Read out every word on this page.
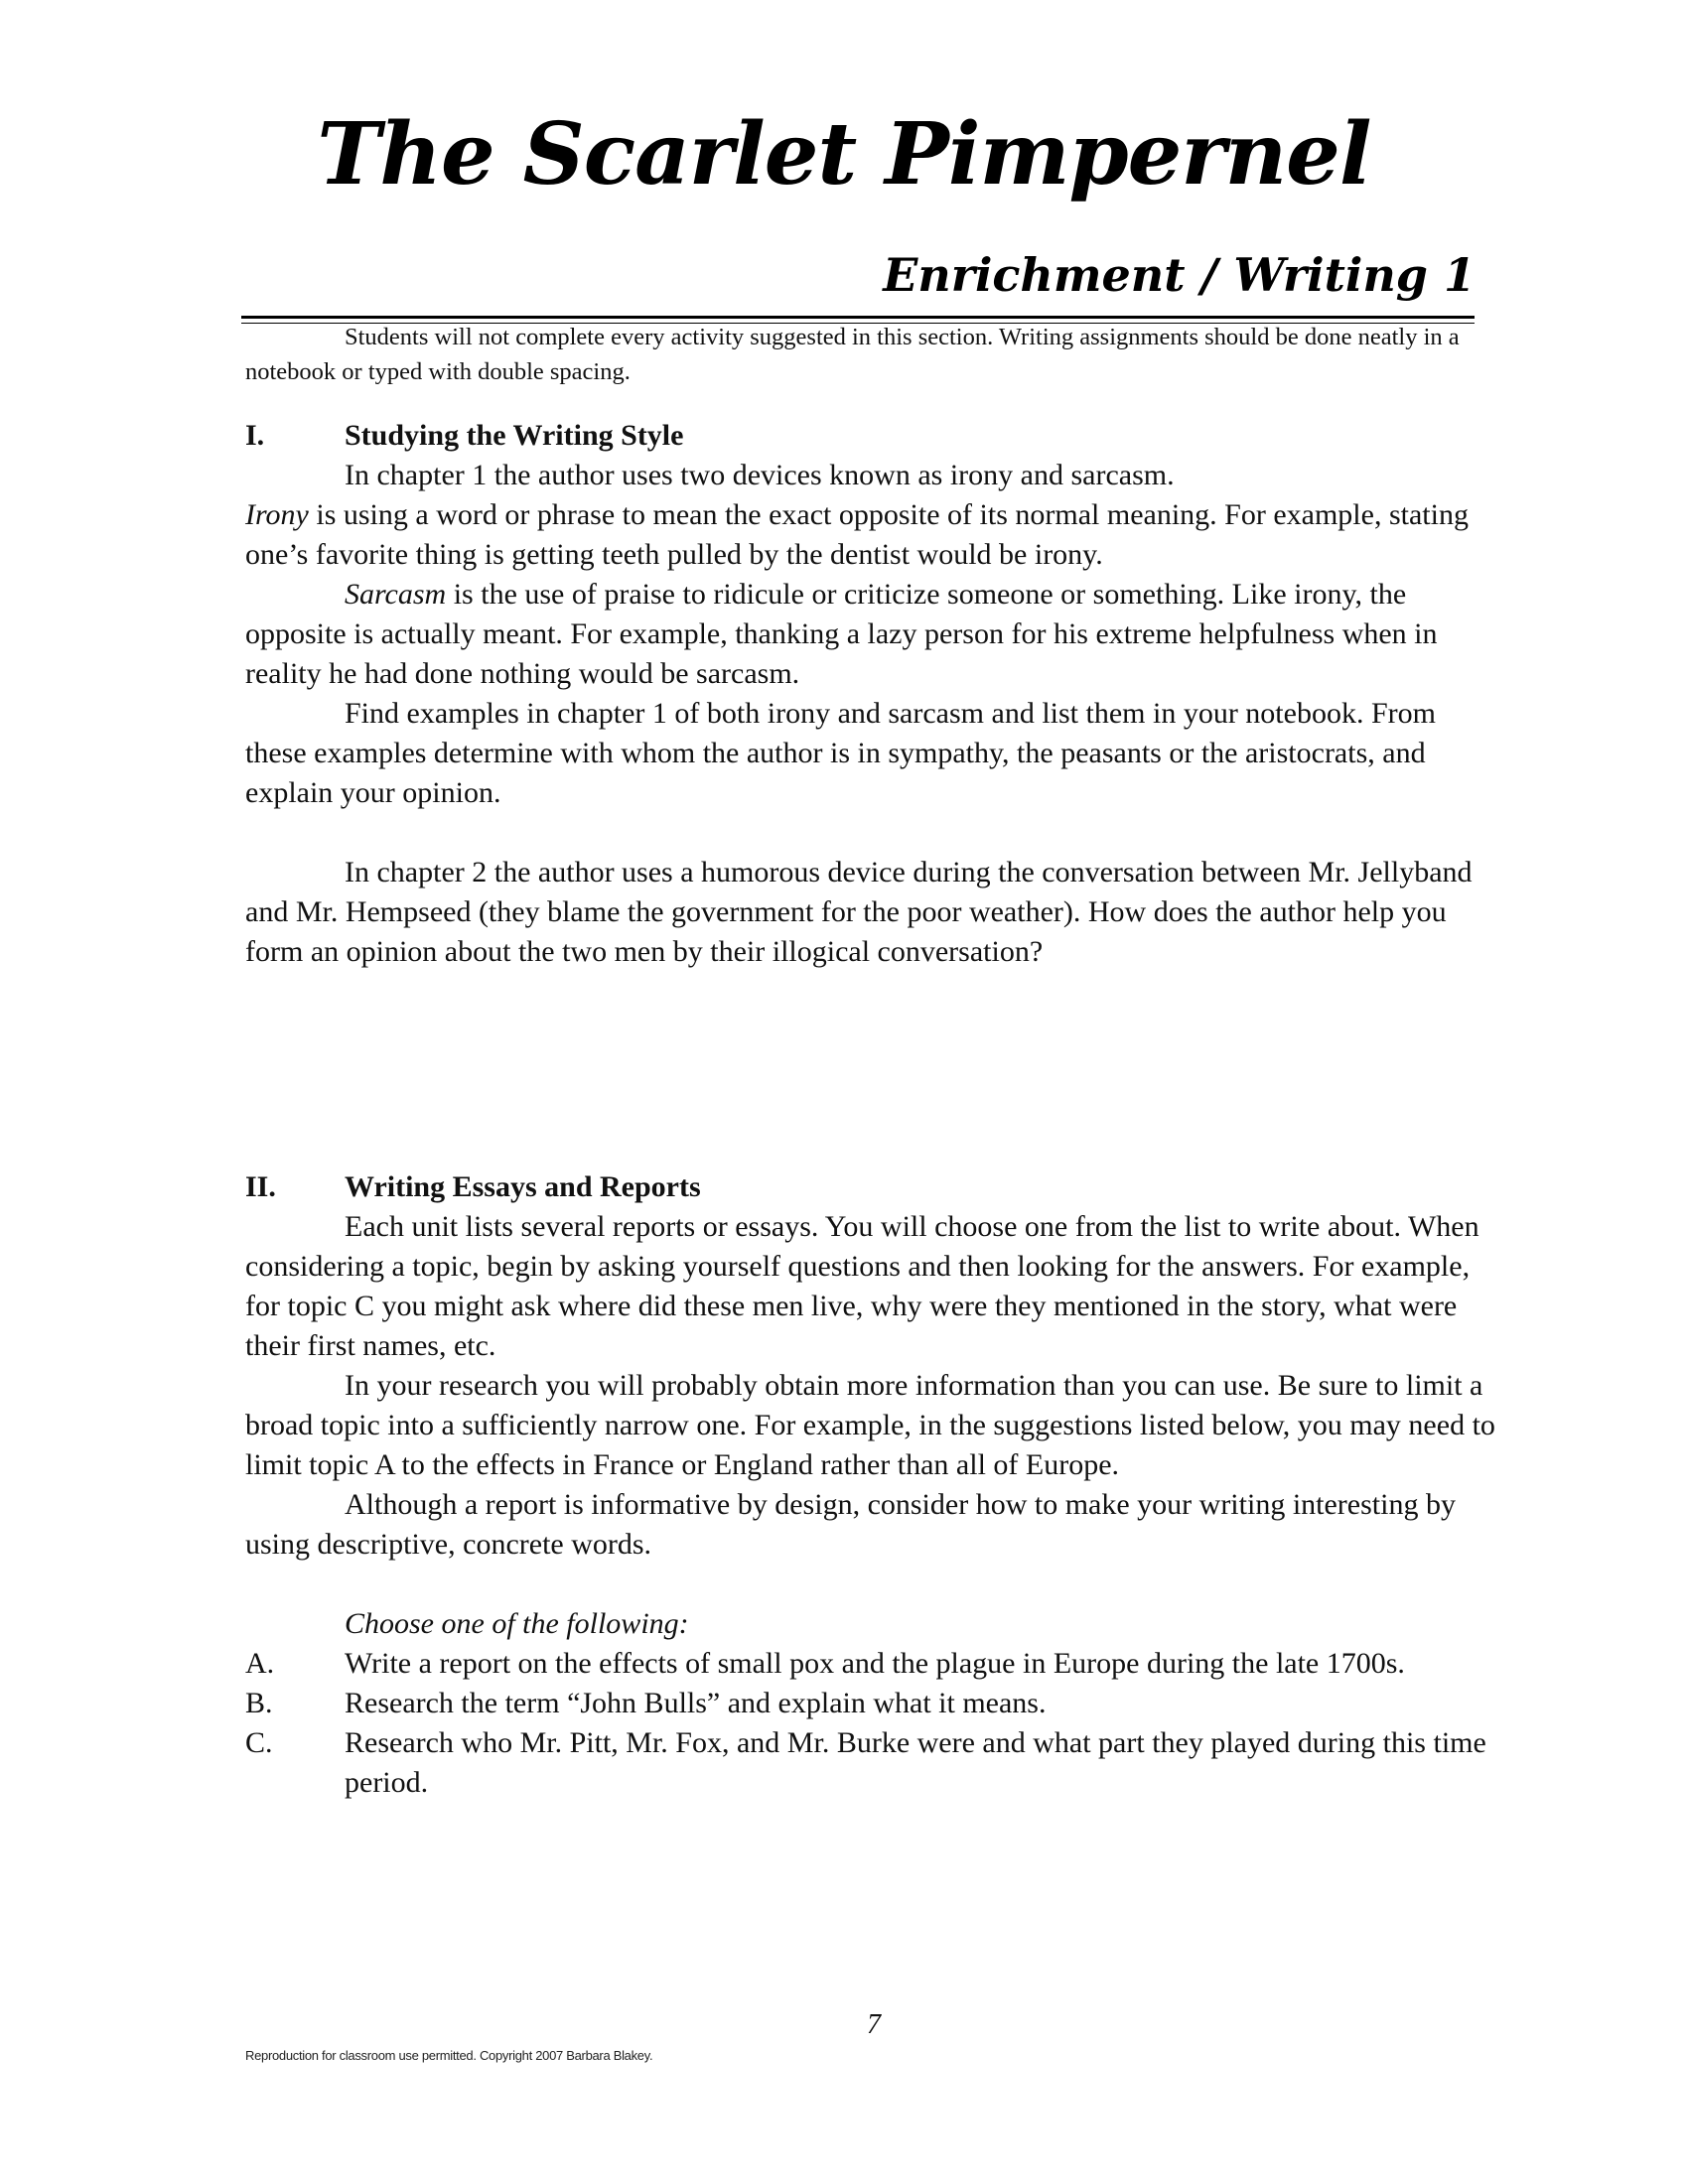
The Scarlet Pimpernel
Enrichment / Writing 1

Students will not complete every activity suggested in this section. Writing assignments should be done neatly in a notebook or typed with double spacing.

I.	Studying the Writing Style

In chapter 1 the author uses two devices known as irony and sarcasm.

Irony is using a word or phrase to mean the exact opposite of its normal meaning. For example, stating one’s favorite thing is getting teeth pulled by the dentist would be irony.

Sarcasm is the use of praise to ridicule or criticize someone or something. Like irony, the opposite is actually meant. For example, thanking a lazy person for his extreme helpfulness when in reality he had done nothing would be sarcasm.

Find examples in chapter 1 of both irony and sarcasm and list them in your notebook. From these examples determine with whom the author is in sympathy, the peasants or the aristocrats, and explain your opinion.

In chapter 2 the author uses a humorous device during the conversation between Mr. Jellyband and Mr. Hempseed (they blame the government for the poor weather). How does the author help you form an opinion about the two men by their illogical conversation?

II.	Writing Essays and Reports

Each unit lists several reports or essays. You will choose one from the list to write about. When considering a topic, begin by asking yourself questions and then looking for the answers. For example, for topic C you might ask where did these men live, why were they mentioned in the story, what were their first names, etc.

In your research you will probably obtain more information than you can use. Be sure to limit a broad topic into a sufficiently narrow one. For example, in the suggestions listed below, you may need to limit topic A to the effects in France or England rather than all of Europe.

Although a report is informative by design, consider how to make your writing interesting by using descriptive, concrete words.

Choose one of the following:

A.	Write a report on the effects of small pox and the plague in Europe during the late 1700s.
B.	Research the term “John Bulls” and explain what it means.
C.	Research who Mr. Pitt, Mr. Fox, and Mr. Burke were and what part they played during this time period.
7
Reproduction for classroom use permitted. Copyright 2007 Barbara Blakey.
